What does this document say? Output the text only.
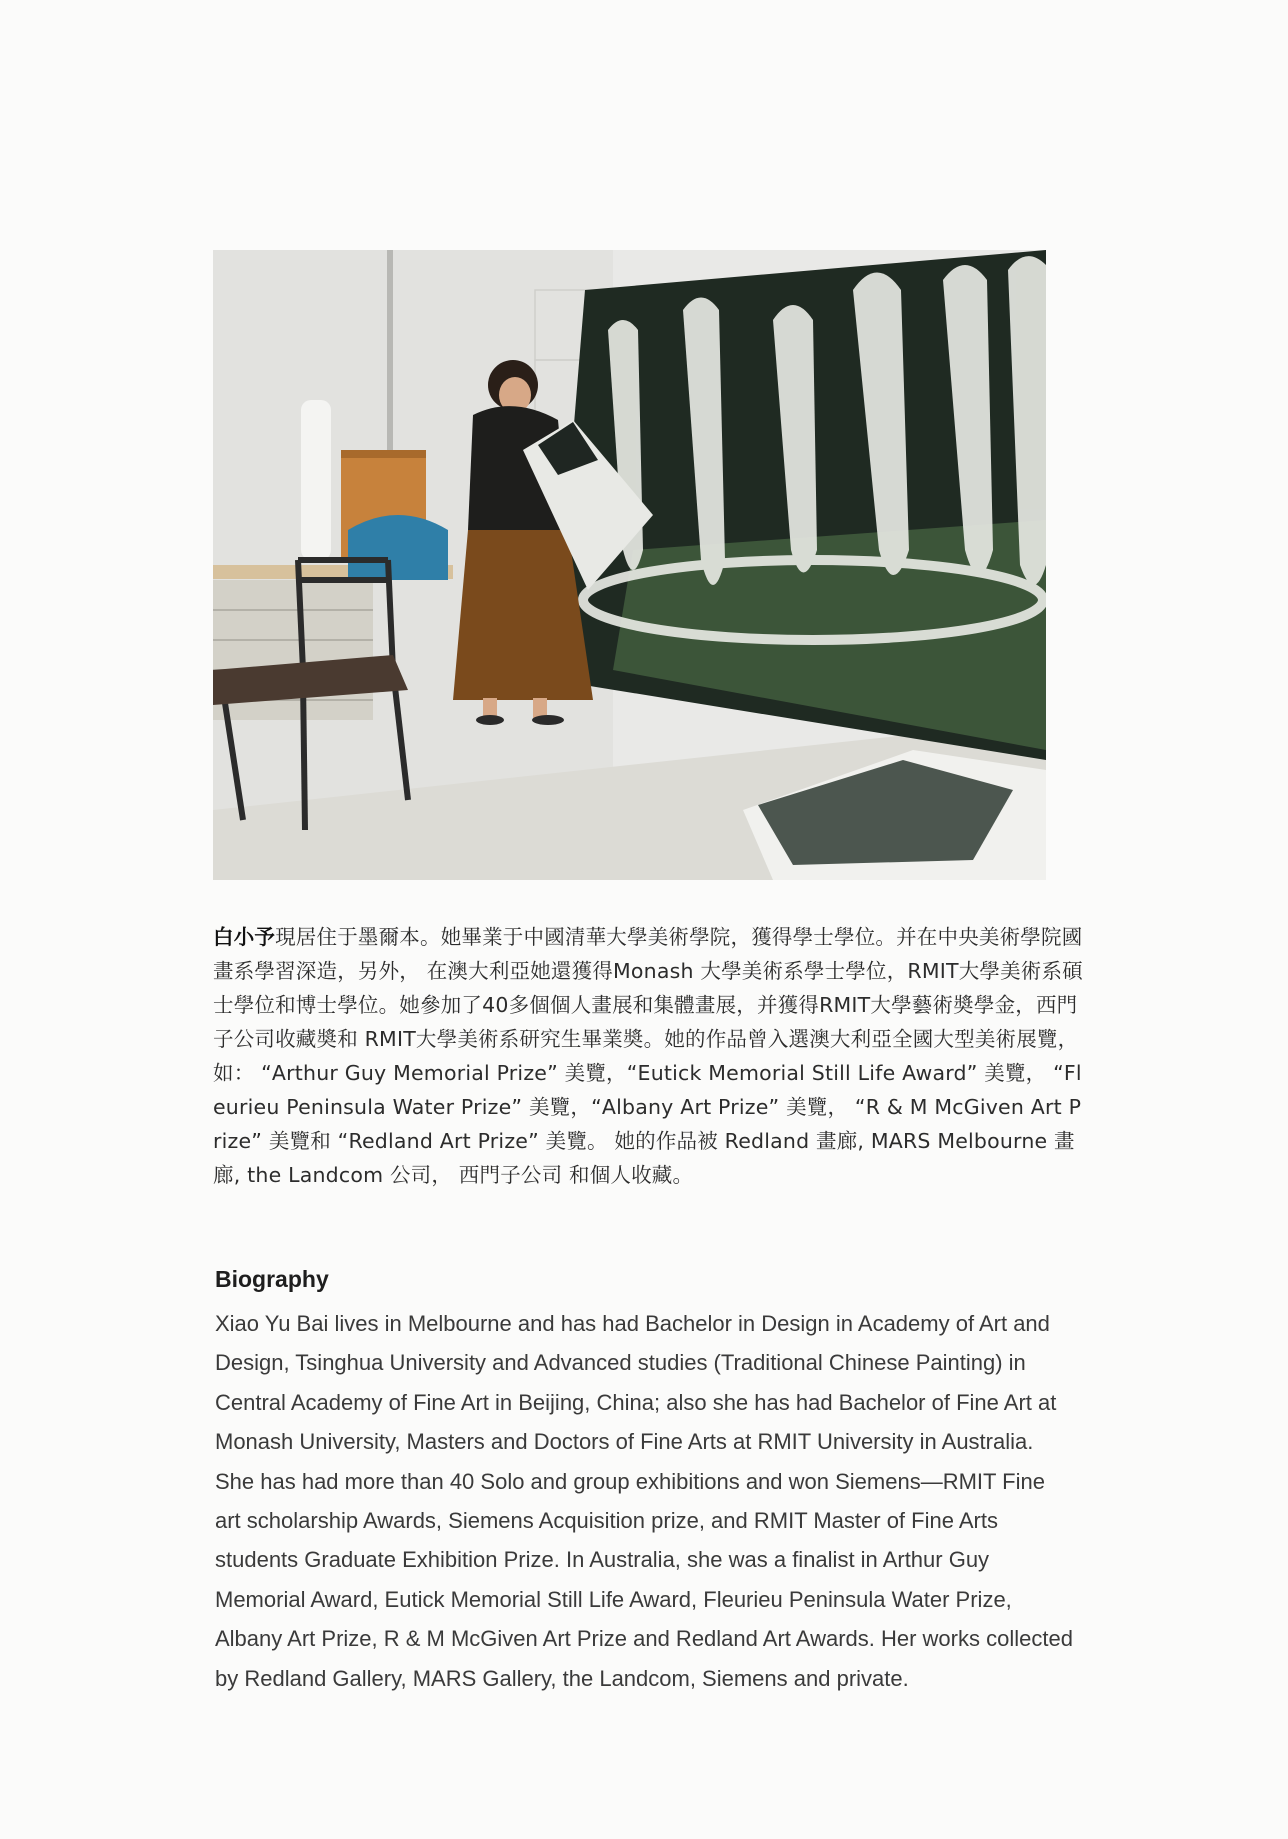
白小予現居住于墨爾本。她畢業于中國清華大學美術學院，獲得學士學位。并在中央美術學院國畫系學習深造，另外， 在澳大利亞她還獲得Monash 大學美術系學士學位，RMIT大學美術系碩士學位和博士學位。她參加了40多個個人畫展和集體畫展，并獲得RMIT大學藝術奬學金，西門子公司收藏奬和 RMIT大學美術系研究生畢業奬。她的作品曾入選澳大利亞全國大型美術展覽，如： “Arthur Guy Memorial Prize” 美覽，“Eutick Memorial Still Life Award” 美覽， “Fleurieu Peninsula Water Prize” 美覽，“Albany Art Prize” 美覽， “R & M McGiven Art Prize” 美覽和 “Redland Art Prize” 美覽。 她的作品被 Redland 畫廊, MARS Melbourne 畫廊, the Landcom 公司， 西門子公司 和個人收藏。

Biography

Xiao Yu Bai lives in Melbourne and has had Bachelor in Design in Academy of Art and Design, Tsinghua University and Advanced studies (Traditional Chinese Painting) in Central Academy of Fine Art in Beijing, China; also she has had Bachelor of Fine Art at Monash University, Masters and Doctors of Fine Arts at RMIT University in Australia. She has had more than 40 Solo and group exhibitions and won Siemens—RMIT Fine art scholarship Awards, Siemens Acquisition prize, and RMIT Master of Fine Arts students Graduate Exhibition Prize. In Australia, she was a finalist in Arthur Guy Memorial Award, Eutick Memorial Still Life Award, Fleurieu Peninsula Water Prize, Albany Art Prize, R & M McGiven Art Prize and Redland Art Awards. Her works collected by Redland Gallery, MARS Gallery, the Landcom, Siemens and private.
